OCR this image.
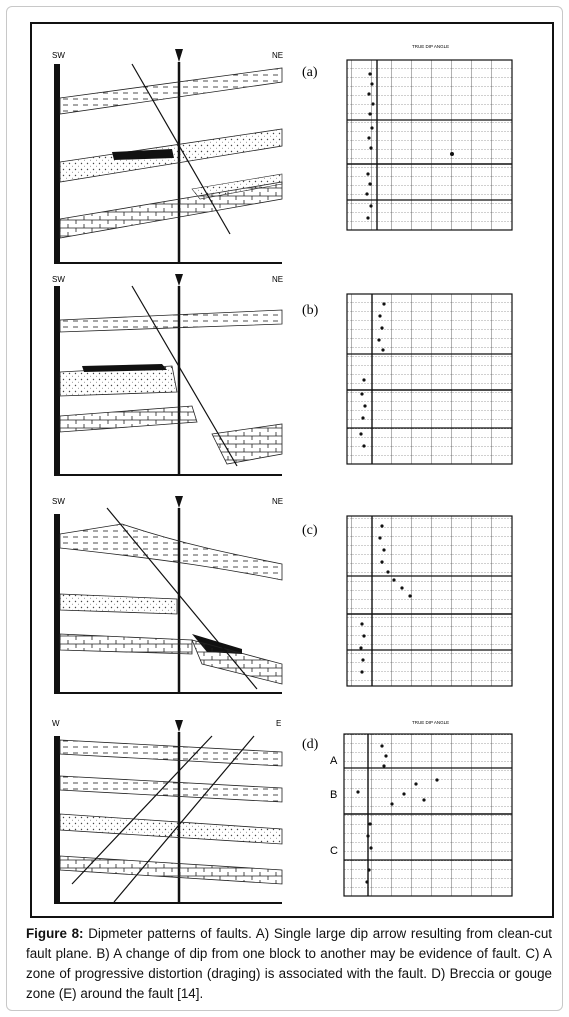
SW	NE
(a)
TRUE DIP ANGLE
SW	NE
(b)
SW	NE
(c)
W	E
(d)
TRUE DIP ANGLE
A
B
C
Figure 8: Dipmeter patterns of faults. A) Single large dip arrow resulting from clean-cut fault plane. B) A change of dip from one block to another may be evidence of fault. C) A zone of progressive distortion (draging) is associated with the fault. D) Breccia or gouge zone (E) around the fault [14].
